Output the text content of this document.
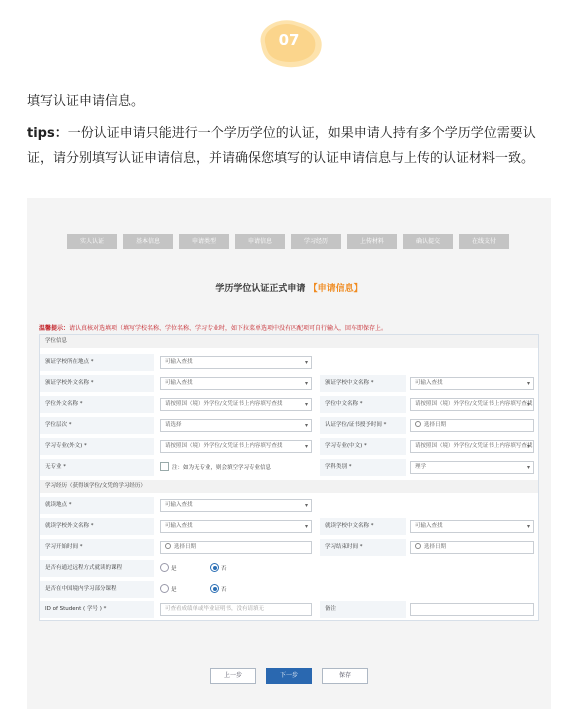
07
填写认证申请信息。
tips：一份认证申请只能进行一个学历学位的认证，如果申请人持有多个学历学位需要认证，请分别填写认证申请信息，并请确保您填写的认证申请信息与上传的认证材料一致。
实人认证	基本信息	申请类型	申请信息	学习经历	上传材料	确认提交	在线支付
学历学位认证正式申请 【申请信息】
温馨提示：请认真核对选填项（填写学校名称、学位名称、学习专业时，如下拉菜单选项中没有匹配项可自行输入，回车即保存上。
学位信息
颁证学校所在地点 *	可输入查找 ▾
颁证学校外文名称 *	可输入查找 ▾	颁证学校中文名称 *	可输入查找 ▾
学位外文名称 *	请按照国（境）外学位/文凭证书上内容填写查找 ▾	学位中文名称 *	请按照国（境）外学位/文凭证书上内容填写查找 ▾
学位层次 *	请选择 ▾	认证学位/证书授予时间 *	选择日期
学习专业(外文) *	请按照国（境）外学位/文凭证书上内容填写查找 ▾	学习专业(中文) *	请按照国（境）外学位/文凭证书上内容填写查找 ▾
无专业 *	注：如为无专业，则会填空学习专业信息	学科类别 *	理学 ▾
学习经历（获得该学位/文凭的学习经历）
就读地点 *	可输入查找 ▾
就读学校外文名称 *	可输入查找 ▾	就读学校中文名称 *	可输入查找 ▾
学习开始时间 *	选择日期	学习结束时间 *	选择日期
是否有通过远程方式就读的课程	是	否
是否在中国境内学习部分课程	是	否
ID of Student ( 学号 ) *	可查看成绩单或毕业证明书，没有请填无	备注
上一步	下一步	保存
